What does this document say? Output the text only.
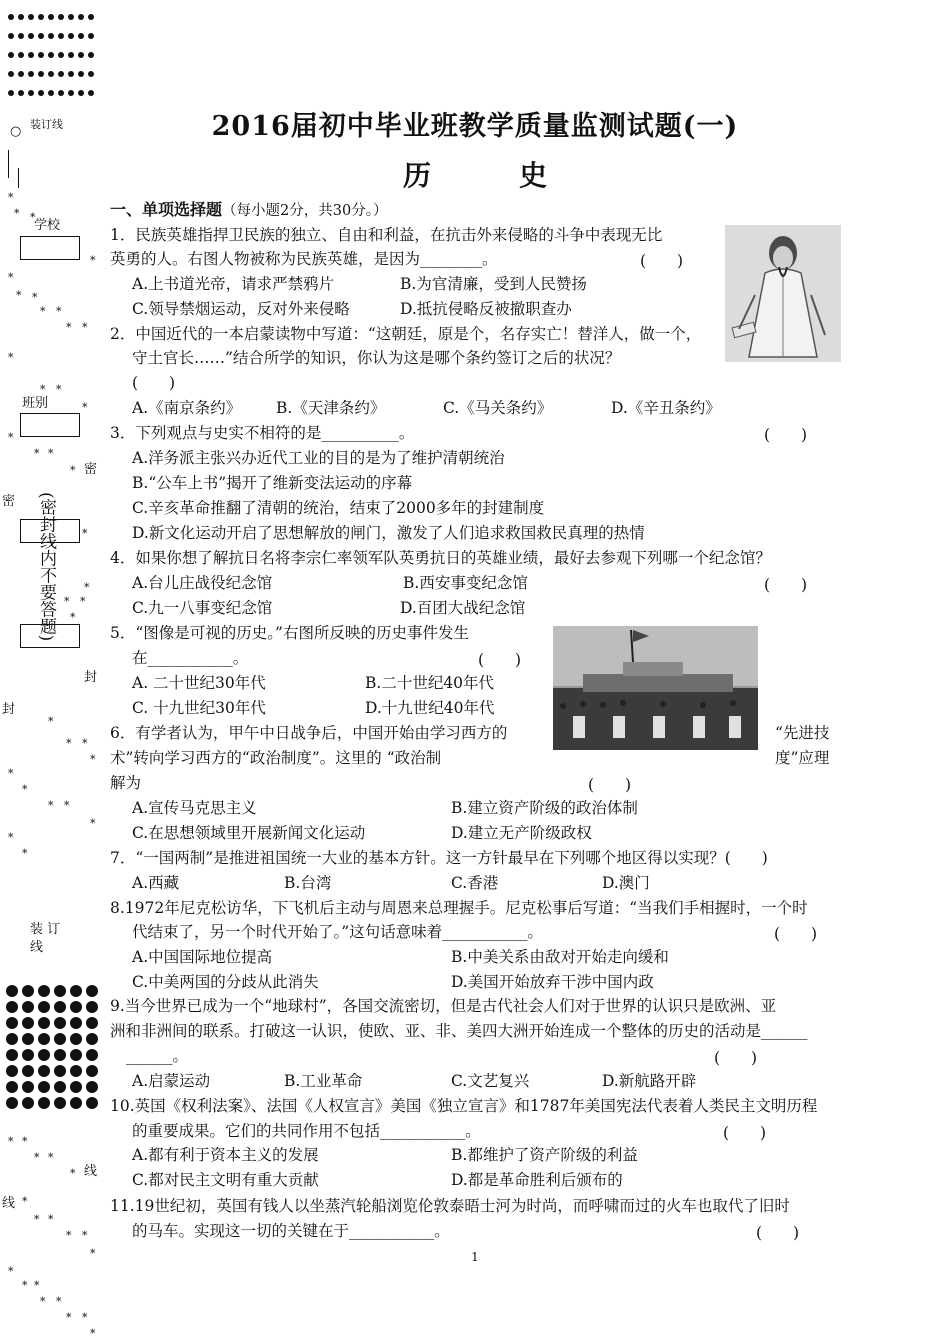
○ 装订线
学校
班别
密
密
封
封
线
线
(密封线内不要答题)
装 订
线
*
* *
*
*
* *
* *
* *
*
* *
*
*
* *
*
*
*
* *
*
*
* *
*
*
*
* *
*
*
*
* *
* *
*
*
* *
* *
*
*
* *
* *
* *
*
2016届初中毕业班教学质量监测试题(一)
历　史
一、单项选择题（每小题2分，共30分。）
1．民族英雄指捍卫民族的独立、自由和利益，在抗击外来侵略的斗争中表现无比
英勇的人。右图人物被称为民族英雄，是因为________。	(　　)
A.上书道光帝，请求严禁鸦片	B.为官清廉，受到人民赞扬
C.领导禁烟运动，反对外来侵略	D.抵抗侵略反被撤职查办
2．中国近代的一本启蒙读物中写道：“这朝廷，原是个，名存实亡！替洋人，做一个，
守土官长……”结合所学的知识，你认为这是哪个条约签订之后的状况？
(　　)
A.《南京条约》 B.《天津条约》	C.《马关条约》	D.《辛丑条约》
3．下列观点与史实不相符的是__________。	(　　)
A.洋务派主张兴办近代工业的目的是为了维护清朝统治
B.“公车上书”揭开了维新变法运动的序幕
C.辛亥革命推翻了清朝的统治，结束了2000多年的封建制度
D.新文化运动开启了思想解放的闸门，激发了人们追求救国救民真理的热情
4．如果你想了解抗日名将李宗仁率领军队英勇抗日的英雄业绩，最好去参观下列哪一个纪念馆？
A.台儿庄战役纪念馆	B.西安事变纪念馆	(　　)
C.九一八事变纪念馆	D.百团大战纪念馆
5．“图像是可视的历史。”右图所反映的历史事件发生
在___________。	(　　)
A. 二十世纪30年代	B.二十世纪40年代
C. 十九世纪30年代	D.十九世纪40年代
6．有学者认为，甲午中日战争后，中国开始由学习西方的	“先进技
术”转向学习西方的“政治制度”。这里的 “政治制	度”应理
解为	(　　)
A.宣传马克思主义	B.建立资产阶级的政治体制
C.在思想领域里开展新闻文化运动	D.建立无产阶级政权
7．“一国两制”是推进祖国统一大业的基本方针。这一方针最早在下列哪个地区得以实现？(　　)
A.西藏	B.台湾	C.香港	D.澳门
8.1972年尼克松访华，下飞机后主动与周恩来总理握手。尼克松事后写道：“当我们手相握时，一个时
代结束了，另一个时代开始了。”这句话意味着___________。	(　　)
A.中国国际地位提高	B.中美关系由敌对开始走向缓和
C.中美两国的分歧从此消失	D.美国开始放弃干涉中国内政
9.当今世界已成为一个“地球村”，各国交流密切，但是古代社会人们对于世界的认识只是欧洲、亚
洲和非洲间的联系。打破这一认识，使欧、亚、非、美四大洲开始连成一个整体的历史的活动是______
______。	(　　)
A.启蒙运动	B.工业革命	C.文艺复兴	D.新航路开辟
10.英国《权利法案》、法国《人权宣言》美国《独立宣言》和1787年美国宪法代表着人类民主文明历程
的重要成果。它们的共同作用不包括___________。	(　　)
A.都有利于资本主义的发展	B.都维护了资产阶级的利益
C.都对民主文明有重大贡献	D.都是革命胜利后颁布的
11.19世纪初，英国有钱人以坐蒸汽轮船浏览伦敦泰晤士河为时尚，而呼啸而过的火车也取代了旧时
的马车。实现这一切的关键在于___________。	(　　)
1
